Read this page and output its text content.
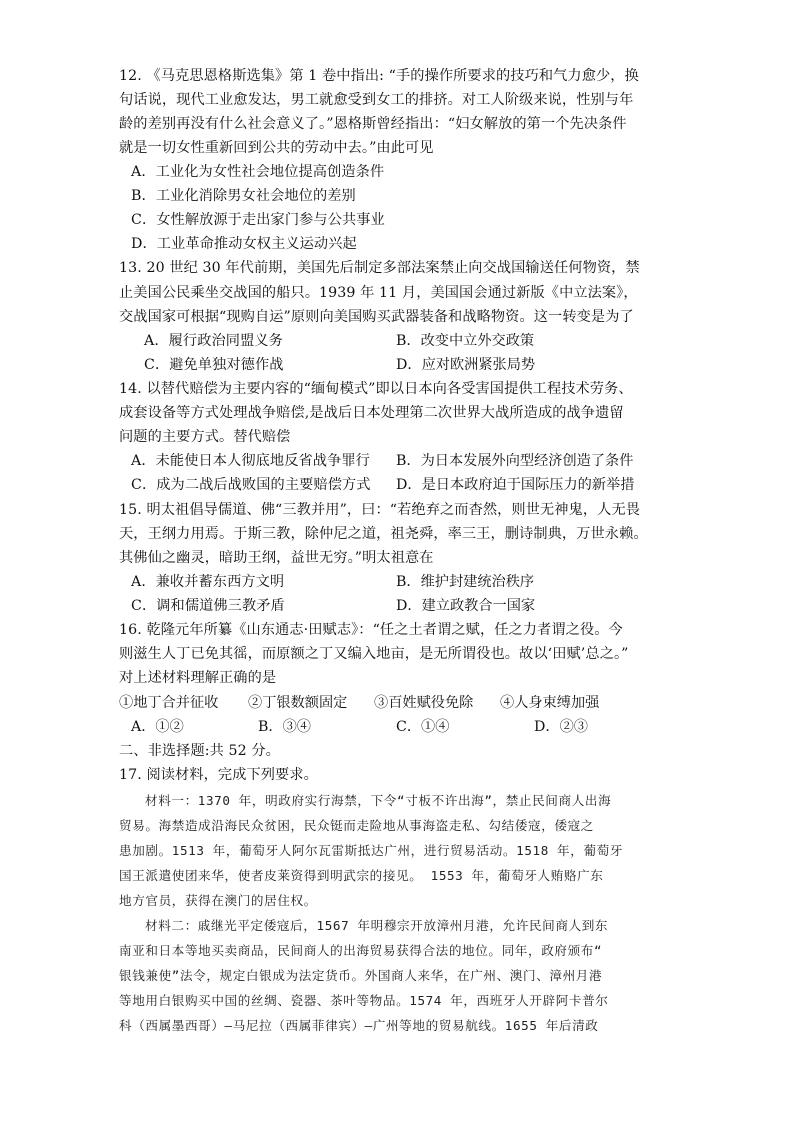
12. 《马克思恩格斯选集》第 1 卷中指出: “手的操作所要求的技巧和气力愈少，换
句话说，现代工业愈发达，男工就愈受到女工的排挤。对工人阶级来说，性别与年
龄的差别再没有什么社会意义了。”恩格斯曾经指出：“妇女解放的第一个先决条件
就是一切女性重新回到公共的劳动中去。”由此可见
A．工业化为女性社会地位提高创造条件
B．工业化消除男女社会地位的差别
C．女性解放源于走出家门参与公共事业
D．工业革命推动女权主义运动兴起
13. 20 世纪 30 年代前期，美国先后制定多部法案禁止向交战国输送任何物资，禁
止美国公民乘坐交战国的船只。1939 年 11 月，美国国会通过新版《中立法案》，
交战国家可根据“现购自运”原则向美国购买武器装备和战略物资。这一转变是为了
A．履行政治同盟义务	B．改变中立外交政策
C．避免单独对德作战	D．应对欧洲紧张局势
14. 以替代赔偿为主要内容的“缅甸模式”即以日本向各受害国提供工程技术劳务、
成套设备等方式处理战争赔偿,是战后日本处理第二次世界大战所造成的战争遗留
问题的主要方式。替代赔偿
A．未能使日本人彻底地反省战争罪行 B．为日本发展外向型经济创造了条件
C．成为二战后战败国的主要赔偿方式 D．是日本政府迫于国际压力的新举措
15. 明太祖倡导儒道、佛“三教并用”，曰：“若绝弃之而杳然，则世无神鬼，人无畏
天，王纲力用焉。于斯三教，除仲尼之道，祖尧舜，率三王，删诗制典，万世永赖。
其佛仙之幽灵，暗助王纲，益世无穷。”明太祖意在
A．兼收并蓄东西方文明	B．维护封建统治秩序
C．调和儒道佛三教矛盾	D．建立政教合一国家
16. 乾隆元年所纂《山东通志·田赋志》：“任之土者谓之赋，任之力者谓之役。今
则滋生人丁已免其徭，而原额之丁又编入地亩，是无所谓役也。故以‘田赋’总之。”
对上述材料理解正确的是
①地丁合并征收 ②丁银数额固定 ③百姓赋役免除 ④人身束缚加强
A．①②	B．③④	C．①④	D．②③
二、非选择题:共 52 分。
17. 阅读材料，完成下列要求。
材料一：1370 年，明政府实行海禁，下令“寸板不许出海”，禁止民间商人出海
贸易。海禁造成沿海民众贫困，民众铤而走险地从事海盗走私、勾结倭寇，倭寇之
患加剧。1513 年，葡萄牙人阿尔瓦雷斯抵达广州，进行贸易活动。1518 年，葡萄牙
国王派遣使团来华，使者皮莱资得到明武宗的接见。 1553 年，葡萄牙人贿赂广东
地方官员，获得在澳门的居住权。
材料二：戚继光平定倭寇后，1567 年明穆宗开放漳州月港，允许民间商人到东
南亚和日本等地买卖商品，民间商人的出海贸易获得合法的地位。同年，政府颁布“
银钱兼使”法令，规定白银成为法定货币。外国商人来华，在广州、澳门、漳州月港
等地用白银购买中国的丝绸、瓷器、茶叶等物品。1574 年，西班牙人开辟阿卡普尔
科（西属墨西哥）—马尼拉（西属菲律宾）—广州等地的贸易航线。1655 年后清政
